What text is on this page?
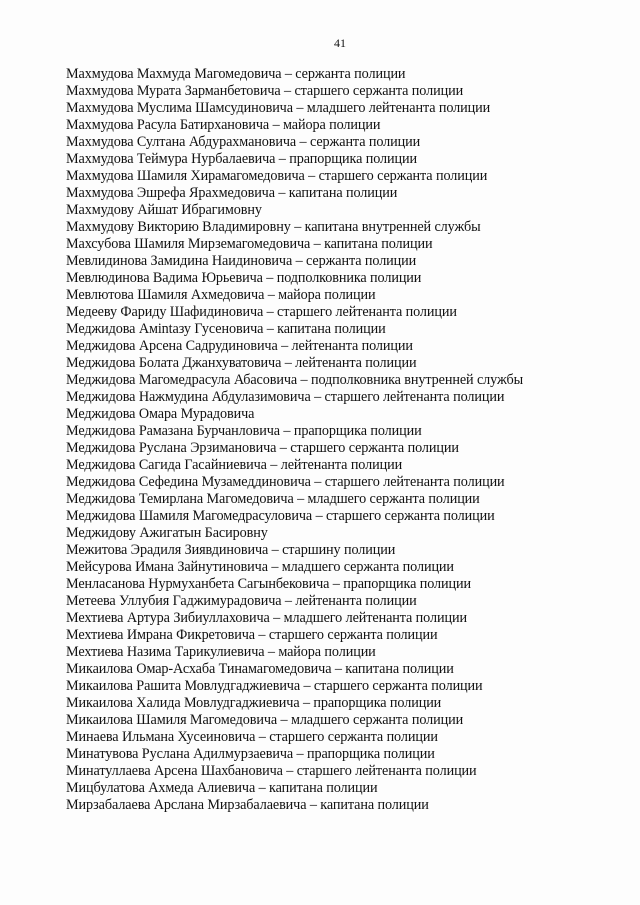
41
Махмудова Махмуда Магомедовича – сержанта полиции
Махмудова Мурата Зарманбетовича – старшего сержанта полиции
Махмудова Муслима Шамсудиновича – младшего лейтенанта полиции
Махмудова Расула Батирхановича – майора полиции
Махмудова Султана Абдурахмановича – сержанта полиции
Махмудова Теймура Нурбалаевича – прапорщика полиции
Махмудова Шамиля Хирамагомедовича – старшего сержанта полиции
Махмудова Эшрефа Ярахмедовича – капитана полиции
Махмудову Айшат Ибрагимовну
Махмудову Викторию Владимировну – капитана внутренней службы
Махсубова Шамиля Мирземагомедовича – капитана полиции
Мевлидинова Замидина Наидиновича – сержанта полиции
Мевлюдинова Вадима Юрьевича – подполковника полиции
Мевлютова Шамиля Ахмедовича – майора полиции
Медееву Фариду Шафидиновича – старшего лейтенанта полиции
Меджидова Амintазу Гусеновича – капитана полиции
Меджидова Арсена Садрудиновича – лейтенанта полиции
Меджидова Болата Джанхуватовича – лейтенанта полиции
Меджидова Магомедрасула Абасовича – подполковника внутренней службы
Меджидова Нажмудина Абдулазимовича – старшего лейтенанта полиции
Меджидова Омара Мурадовича
Меджидова Рамазана Бурчанловича – прапорщика полиции
Меджидова Руслана Эрзимановича – старшего сержанта полиции
Меджидова Сагида Гасайниевича – лейтенанта полиции
Меджидова Сефедина Музамеддиновича – старшего лейтенанта полиции
Меджидова Темирлана Магомедовича – младшего сержанта полиции
Меджидова Шамиля Магомедрасуловича – старшего сержанта полиции
Меджидову Ажигатын Басировну
Межитова Эрадиля Зиявдиновича – старшину полиции
Мейсурова Имана Зайнутиновича – младшего сержанта полиции
Менласанова Нурмуханбета Сагынбековича – прапорщика полиции
Метеева Уллубия Гаджимурадовича – лейтенанта полиции
Мехтиева Артура Зибиуллаховича – младшего лейтенанта полиции
Мехтиева Имрана Фикретовича – старшего сержанта полиции
Мехтиева Назима Тарикулиевича – майора полиции
Микаилова Омар-Асхаба Тинамагомедовича – капитана полиции
Микаилова Рашита Мовлудгаджиевича – старшего сержанта полиции
Микаилова Халида Мовлудгаджиевича – прапорщика полиции
Микаилова Шамиля Магомедовича – младшего сержанта полиции
Минаева Ильмана Хусеиновича – старшего сержанта полиции
Минатувова Руслана Адилмурзаевича – прапорщика полиции
Минатуллаева Арсена Шахбановича – старшего лейтенанта полиции
Мицбулатова Ахмеда Алиевича – капитана полиции
Мирзабалаева Арслана Мирзабалаевича – капитана полиции
